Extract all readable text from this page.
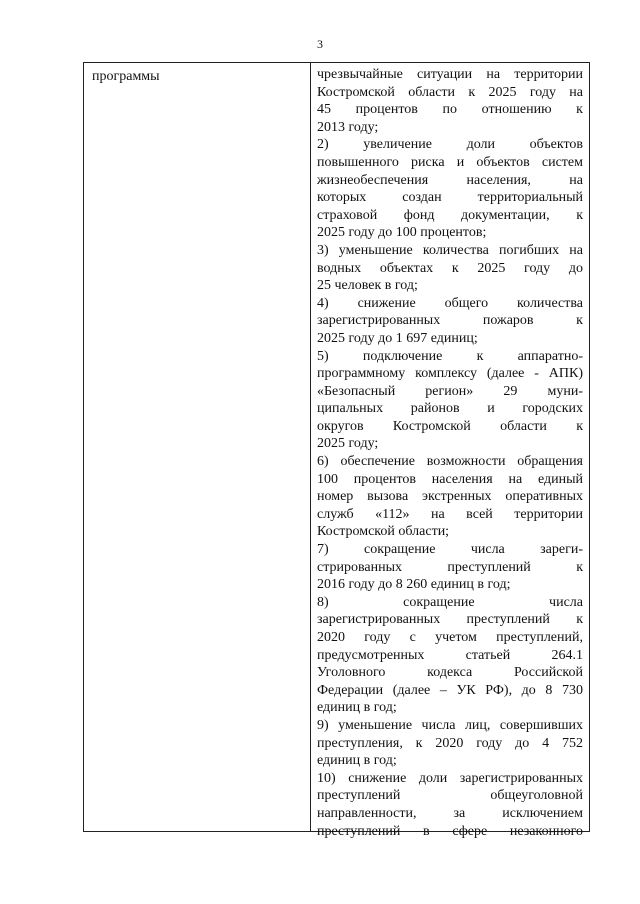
3
программы	чрезвычайные ситуации на территории
Костромской области к 2025 году на
45 процентов по отношению к
2013 году;
2) увеличение доли объектов
повышенного риска и объектов систем
жизнеобеспечения населения, на
которых создан территориальный
страховой фонд документации, к
2025 году до 100 процентов;
3) уменьшение количества погибших на
водных объектах к 2025 году до
25 человек в год;
4) снижение общего количества
зарегистрированных пожаров к
2025 году до 1 697 единиц;
5) подключение к аппаратно-
программному комплексу (далее - АПК)
«Безопасный регион» 29 муни-
ципальных районов и городских
округов Костромской области к
2025 году;
6) обеспечение возможности обращения
100 процентов населения на единый
номер вызова экстренных оперативных
служб «112» на всей территории
Костромской области;
7) сокращение числа зареги-
стрированных преступлений к
2016 году до 8 260 единиц в год;
8) сокращение числа
зарегистрированных преступлений к
2020 году с учетом преступлений,
предусмотренных статьей 264.1
Уголовного кодекса Российской
Федерации (далее – УК РФ), до 8 730
единиц в год;
9) уменьшение числа лиц, совершивших
преступления, к 2020 году до 4 752
единиц в год;
10) снижение доли зарегистрированных
преступлений общеуголовной
направленности, за исключением
преступлений в сфере незаконного
